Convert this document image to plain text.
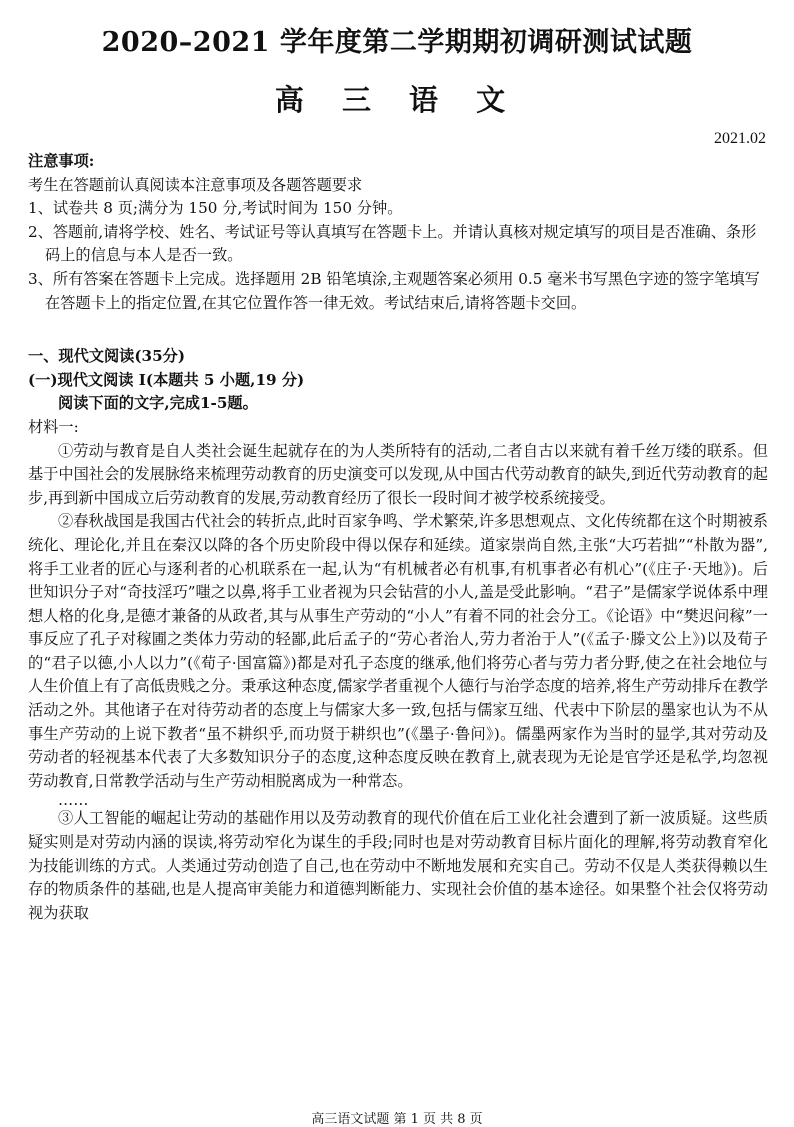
2020–2021 学年度第二学期期初调研测试试题
高 三 语 文
2021.02

注意事项:

考生在答题前认真阅读本注意事项及各题答题要求

1、试卷共 8 页;满分为 150 分,考试时间为 150 分钟。

2、答题前,请将学校、姓名、考试证号等认真填写在答题卡上。并请认真核对规定填写的项目是否准确、条形码上的信息与本人是否一致。

3、所有答案在答题卡上完成。选择题用 2B 铅笔填涂,主观题答案必须用 0.5 毫米书写黑色字迹的签字笔填写在答题卡上的指定位置,在其它位置作答一律无效。考试结束后,请将答题卡交回。

一、现代文阅读(35分)

(一)现代文阅读 I(本题共 5 小题,19 分)

阅读下面的文字,完成1-5题。

材料一:

①劳动与教育是自人类社会诞生起就存在的为人类所特有的活动,二者自古以来就有着千丝万缕的联系。但基于中国社会的发展脉络来梳理劳动教育的历史演变可以发现,从中国古代劳动教育的缺失,到近代劳动教育的起步,再到新中国成立后劳动教育的发展,劳动教育经历了很长一段时间才被学校系统接受。

②春秋战国是我国古代社会的转折点,此时百家争鸣、学术繁荣,许多思想观点、文化传统都在这个时期被系统化、理论化,并且在秦汉以降的各个历史阶段中得以保存和延续。道家崇尚自然,主张“大巧若拙”“朴散为器”,将手工业者的匠心与逐利者的心机联系在一起,认为“有机械者必有机事,有机事者必有机心”(《庄子·天地》)。后世知识分子对“奇技淫巧”嗤之以鼻,将手工业者视为只会钻营的小人,盖是受此影响。“君子”是儒家学说体系中理想人格的化身,是德才兼备的从政者,其与从事生产劳动的“小人”有着不同的社会分工。《论语》中“樊迟问稼”一事反应了孔子对稼圃之类体力劳动的轻鄙,此后孟子的“劳心者治人,劳力者治于人”(《孟子·滕文公上》)以及荀子的“君子以德,小人以力”(《荀子·国富篇》)都是对孔子态度的继承,他们将劳心者与劳力者分野,使之在社会地位与人生价值上有了高低贵贱之分。秉承这种态度,儒家学者重视个人德行与治学态度的培养,将生产劳动排斥在教学活动之外。其他诸子在对待劳动者的态度上与儒家大多一致,包括与儒家互绌、代表中下阶层的墨家也认为不从事生产劳动的上说下教者“虽不耕织乎,而功贤于耕织也”(《墨子·鲁问》)。儒墨两家作为当时的显学,其对劳动及劳动者的轻视基本代表了大多数知识分子的态度,这种态度反映在教育上,就表现为无论是官学还是私学,均忽视劳动教育,日常教学活动与生产劳动相脱离成为一种常态。

……

③人工智能的崛起让劳动的基础作用以及劳动教育的现代价值在后工业化社会遭到了新一波质疑。这些质疑实则是对劳动内涵的误读,将劳动窄化为谋生的手段;同时也是对劳动教育目标片面化的理解,将劳动教育窄化为技能训练的方式。人类通过劳动创造了自己,也在劳动中不断地发展和充实自己。劳动不仅是人类获得赖以生存的物质条件的基础,也是人提高审美能力和道德判断能力、实现社会价值的基本途径。如果整个社会仅将劳动视为获取

高三语文试题 第 1 页 共 8 页
